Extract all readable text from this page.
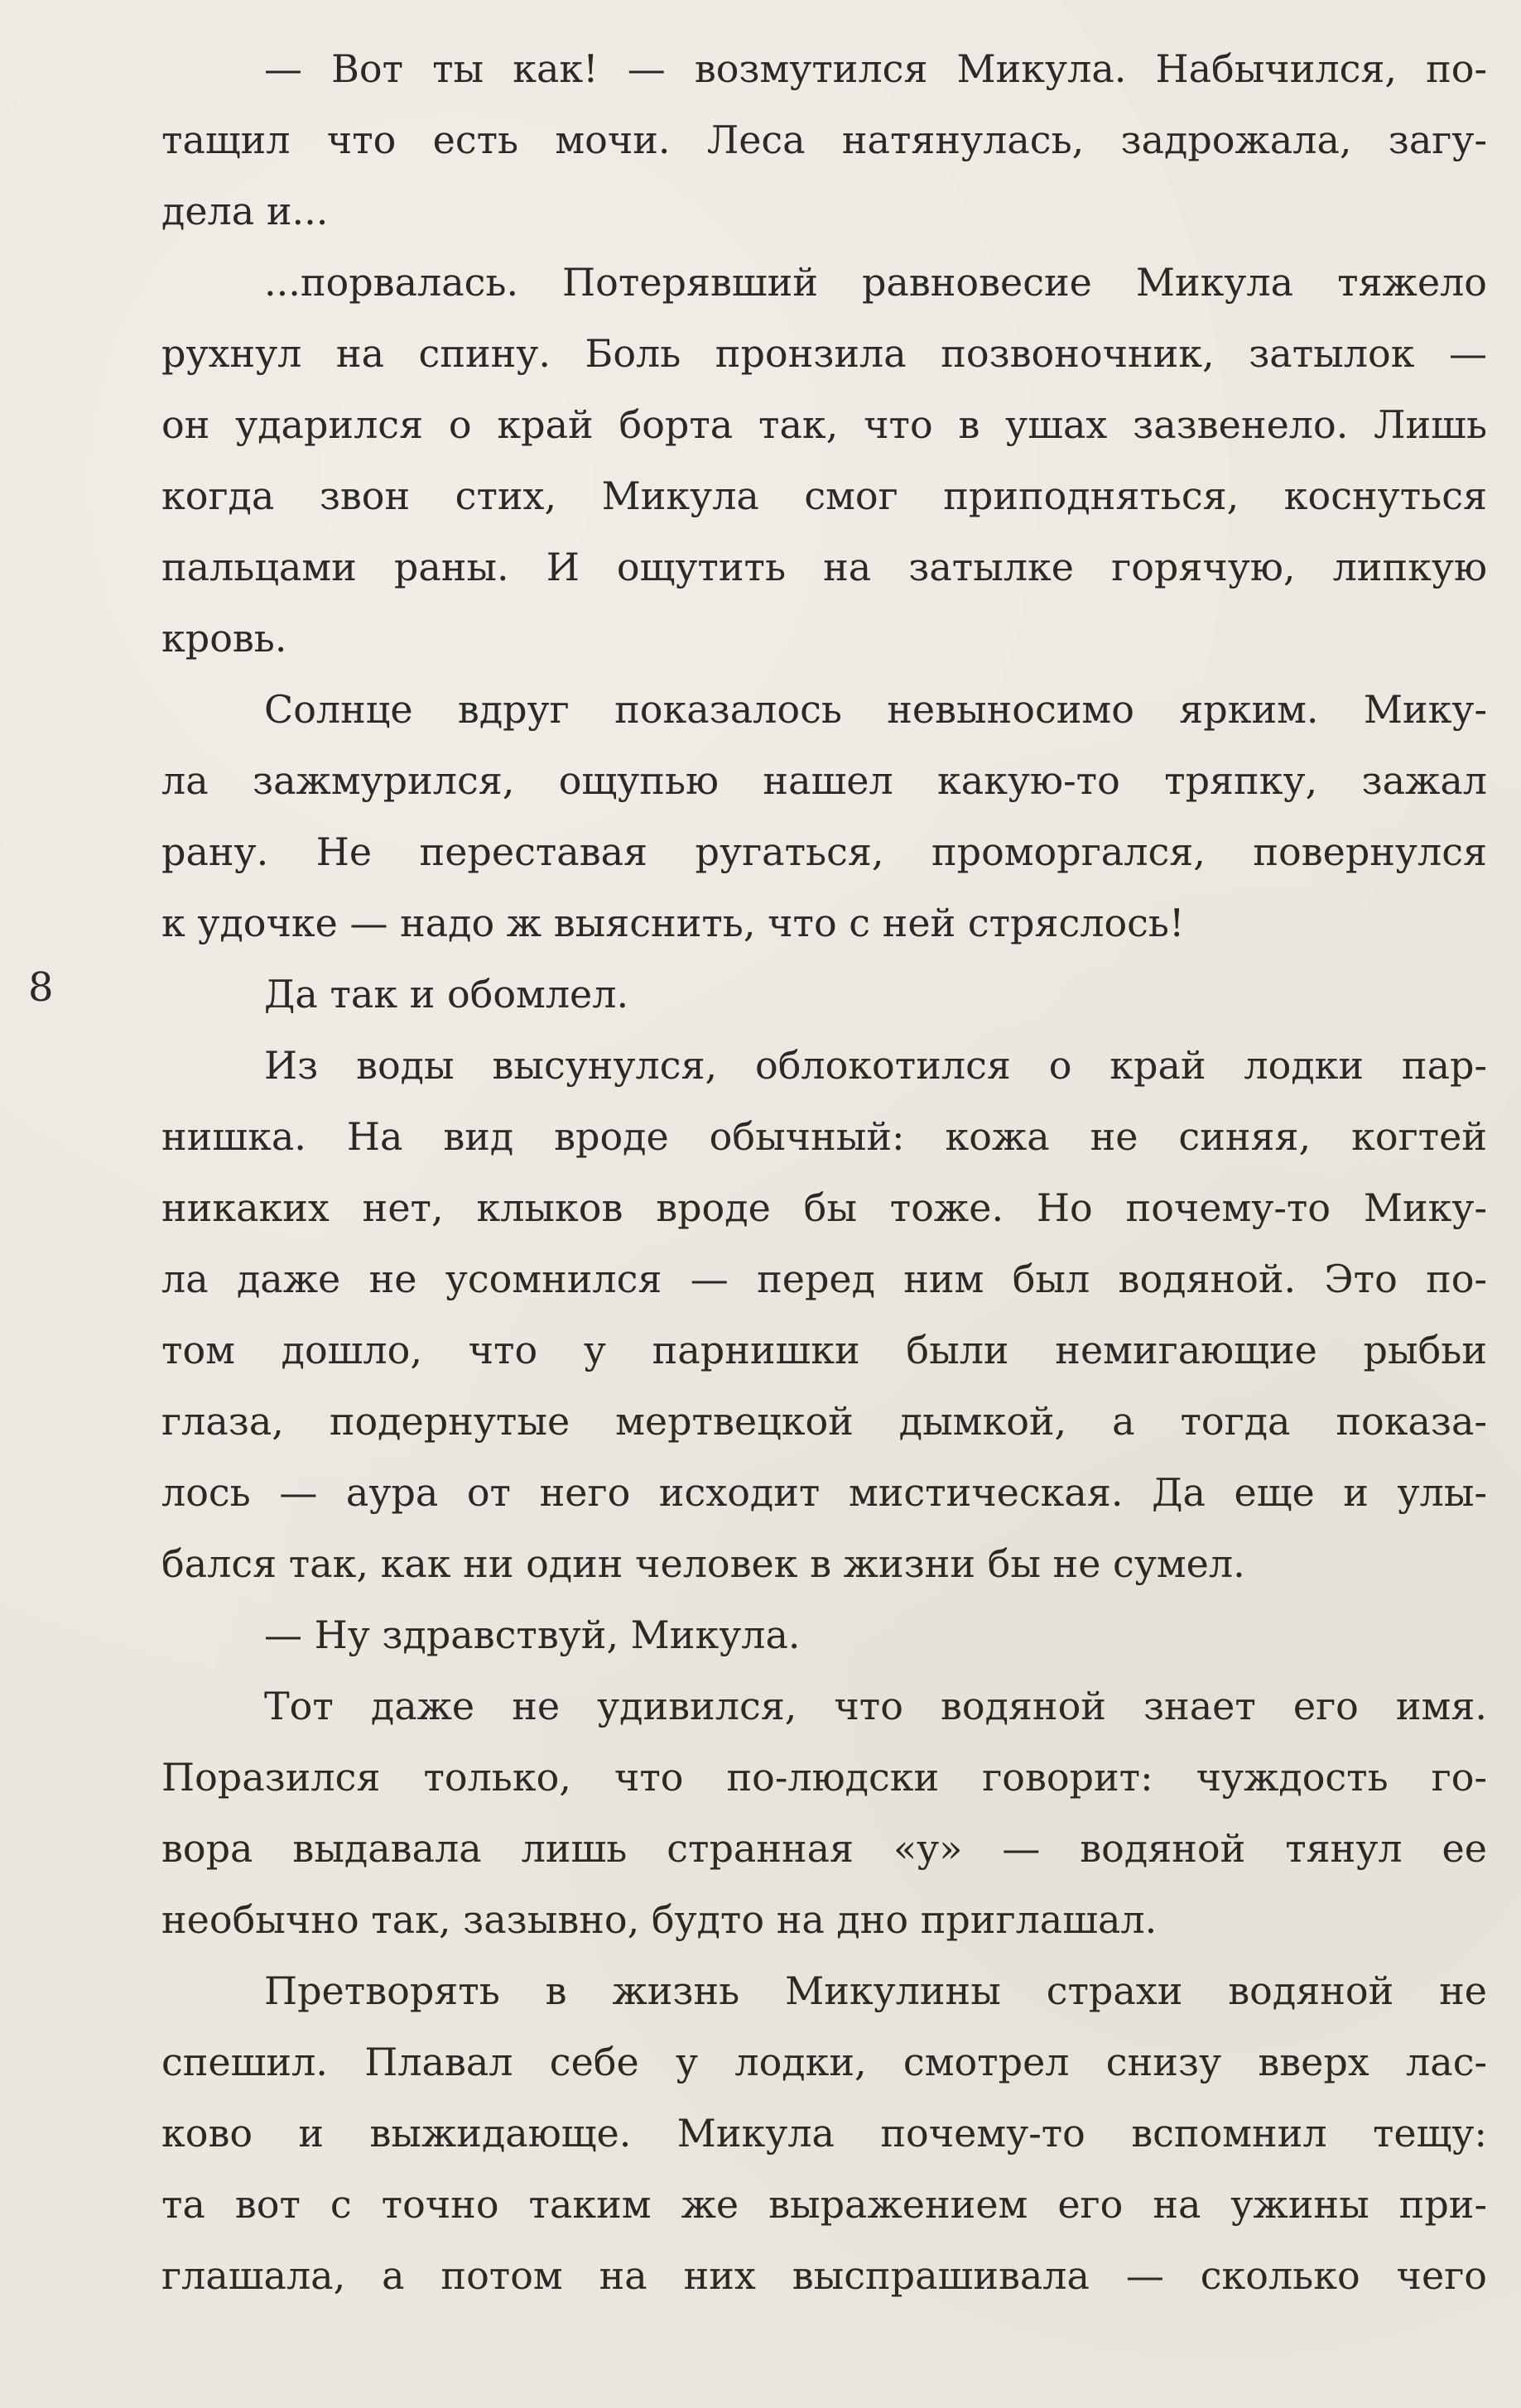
8
— Вот ты как! — возмутился Микула. Набычился, по-
тащил что есть мочи. Леса натянулась, задрожала, загу-
дела и...
...порвалась. Потерявший равновесие Микула тяжело
рухнул на спину. Боль пронзила позвоночник, затылок —
он ударился о край борта так, что в ушах зазвенело. Лишь
когда звон стих, Микула смог приподняться, коснуться
пальцами раны. И ощутить на затылке горячую, липкую
кровь.
Солнце вдруг показалось невыносимо ярким. Мику-
ла зажмурился, ощупью нашел какую-то тряпку, зажал
рану. Не переставая ругаться, проморгался, повернулся
к удочке — надо ж выяснить, что с ней стряслось!
Да так и обомлел.
Из воды высунулся, облокотился о край лодки пар-
нишка. На вид вроде обычный: кожа не синяя, когтей
никаких нет, клыков вроде бы тоже. Но почему-то Мику-
ла даже не усомнился — перед ним был водяной. Это по-
том дошло, что у парнишки были немигающие рыбьи
глаза, подернутые мертвецкой дымкой, а тогда показа-
лось — аура от него исходит мистическая. Да еще и улы-
бался так, как ни один человек в жизни бы не сумел.
— Ну здравствуй, Микула.
Тот даже не удивился, что водяной знает его имя.
Поразился только, что по-людски говорит: чуждость го-
вора выдавала лишь странная «у» — водяной тянул ее
необычно так, зазывно, будто на дно приглашал.
Претворять в жизнь Микулины страхи водяной не
спешил. Плавал себе у лодки, смотрел снизу вверх лас-
ково и выжидающе. Микула почему-то вспомнил тещу:
та вот с точно таким же выражением его на ужины при-
глашала, а потом на них выспрашивала — сколько чего
